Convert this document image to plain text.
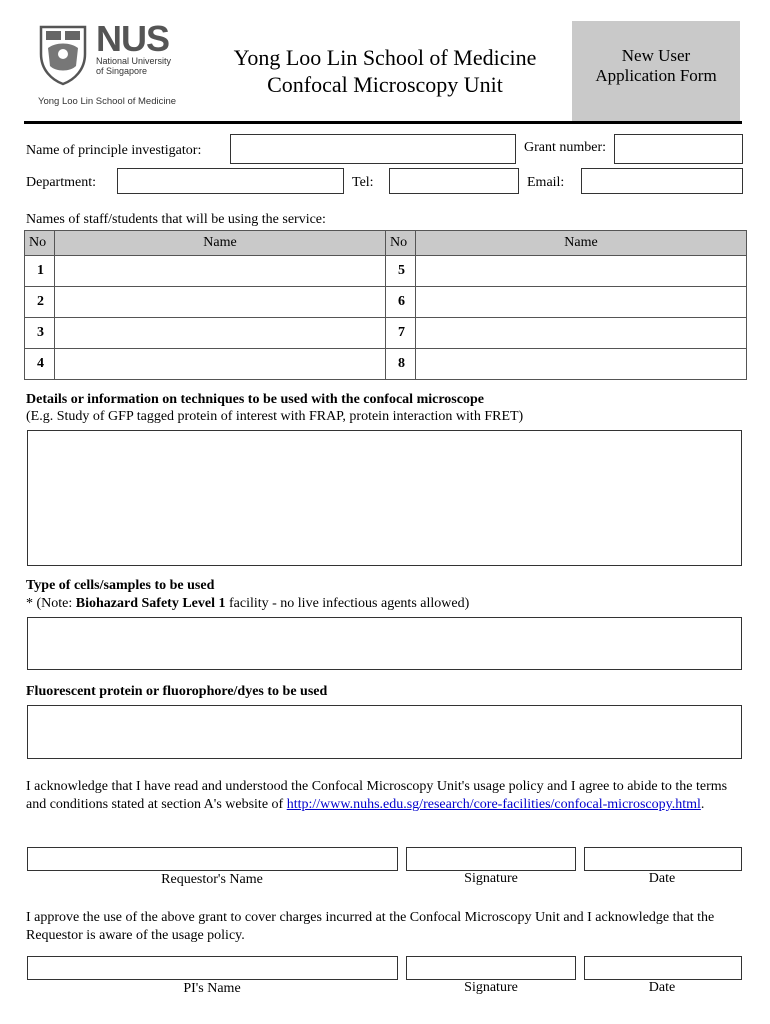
NUS
National University
of Singapore
Yong Loo Lin School of Medicine
Yong Loo Lin School of Medicine
Confocal Microscopy Unit
New User
Application Form
Name of principle investigator:	Grant number:
Department:	Tel:	Email:
Names of staff/students that will be using the service:
No	Name	No	Name
1		5	
2		6	
3		7	
4		8	
Details or information on techniques to be used with the confocal microscope
(E.g. Study of GFP tagged protein of interest with FRAP, protein interaction with FRET)
Type of cells/samples to be used
* (Note: Biohazard Safety Level 1 facility - no live infectious agents allowed)
Fluorescent protein or fluorophore/dyes to be used
I acknowledge that I have read and understood the Confocal Microscopy Unit's usage policy and I agree to abide to the terms and conditions stated at section A's website of http://www.nuhs.edu.sg/research/core-facilities/confocal-microscopy.html.
Requestor's Name	Signature	Date
I approve the use of the above grant to cover charges incurred at the Confocal Microscopy Unit and I acknowledge that the Requestor is aware of the usage policy.
PI's Name	Signature	Date
